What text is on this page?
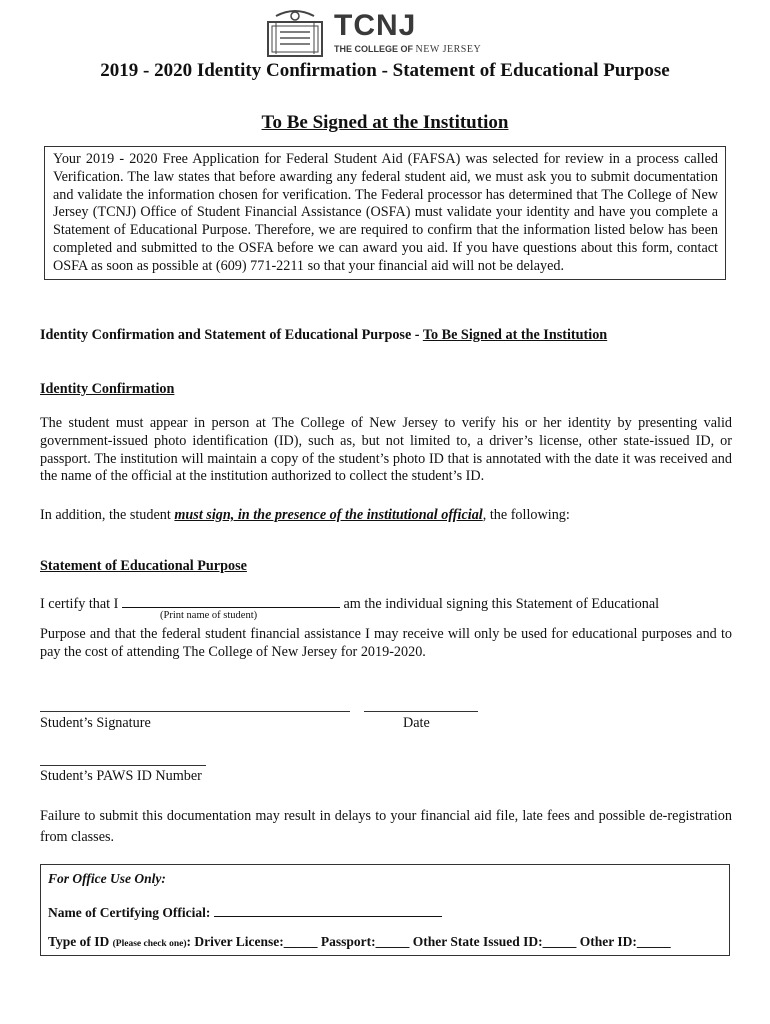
TCNJ
THE COLLEGE OF NEW JERSEY
2019 - 2020 Identity Confirmation - Statement of Educational Purpose
To Be Signed at the Institution
Your 2019 - 2020 Free Application for Federal Student Aid (FAFSA) was selected for review in a process called Verification. The law states that before awarding any federal student aid, we must ask you to submit documentation and validate the information chosen for verification. The Federal processor has determined that The College of New Jersey (TCNJ) Office of Student Financial Assistance (OSFA) must validate your identity and have you complete a Statement of Educational Purpose. Therefore, we are required to confirm that the information listed below has been completed and submitted to the OSFA before we can award you aid. If you have questions about this form, contact OSFA as soon as possible at (609) 771-2211 so that your financial aid will not be delayed.
Identity Confirmation and Statement of Educational Purpose - To Be Signed at the Institution
Identity Confirmation
The student must appear in person at The College of New Jersey to verify his or her identity by presenting valid government-issued photo identification (ID), such as, but not limited to, a driver’s license, other state-issued ID, or passport. The institution will maintain a copy of the student’s photo ID that is annotated with the date it was received and the name of the official at the institution authorized to collect the student’s ID.
In addition, the student must sign, in the presence of the institutional official, the following:
Statement of Educational Purpose
I certify that I	am the individual signing this Statement of Educational
(Print name of student)
Purpose and that the federal student financial assistance I may receive will only be used for educational purposes and to pay the cost of attending The College of New Jersey for 2019-2020.
Student’s Signature	Date
Student’s PAWS ID Number
Failure to submit this documentation may result in delays to your financial aid file, late fees and possible de-registration from classes.
For Office Use Only:
Name of Certifying Official:
Type of ID (Please check one): Driver License:_____ Passport:_____ Other State Issued ID:_____ Other ID:_____
